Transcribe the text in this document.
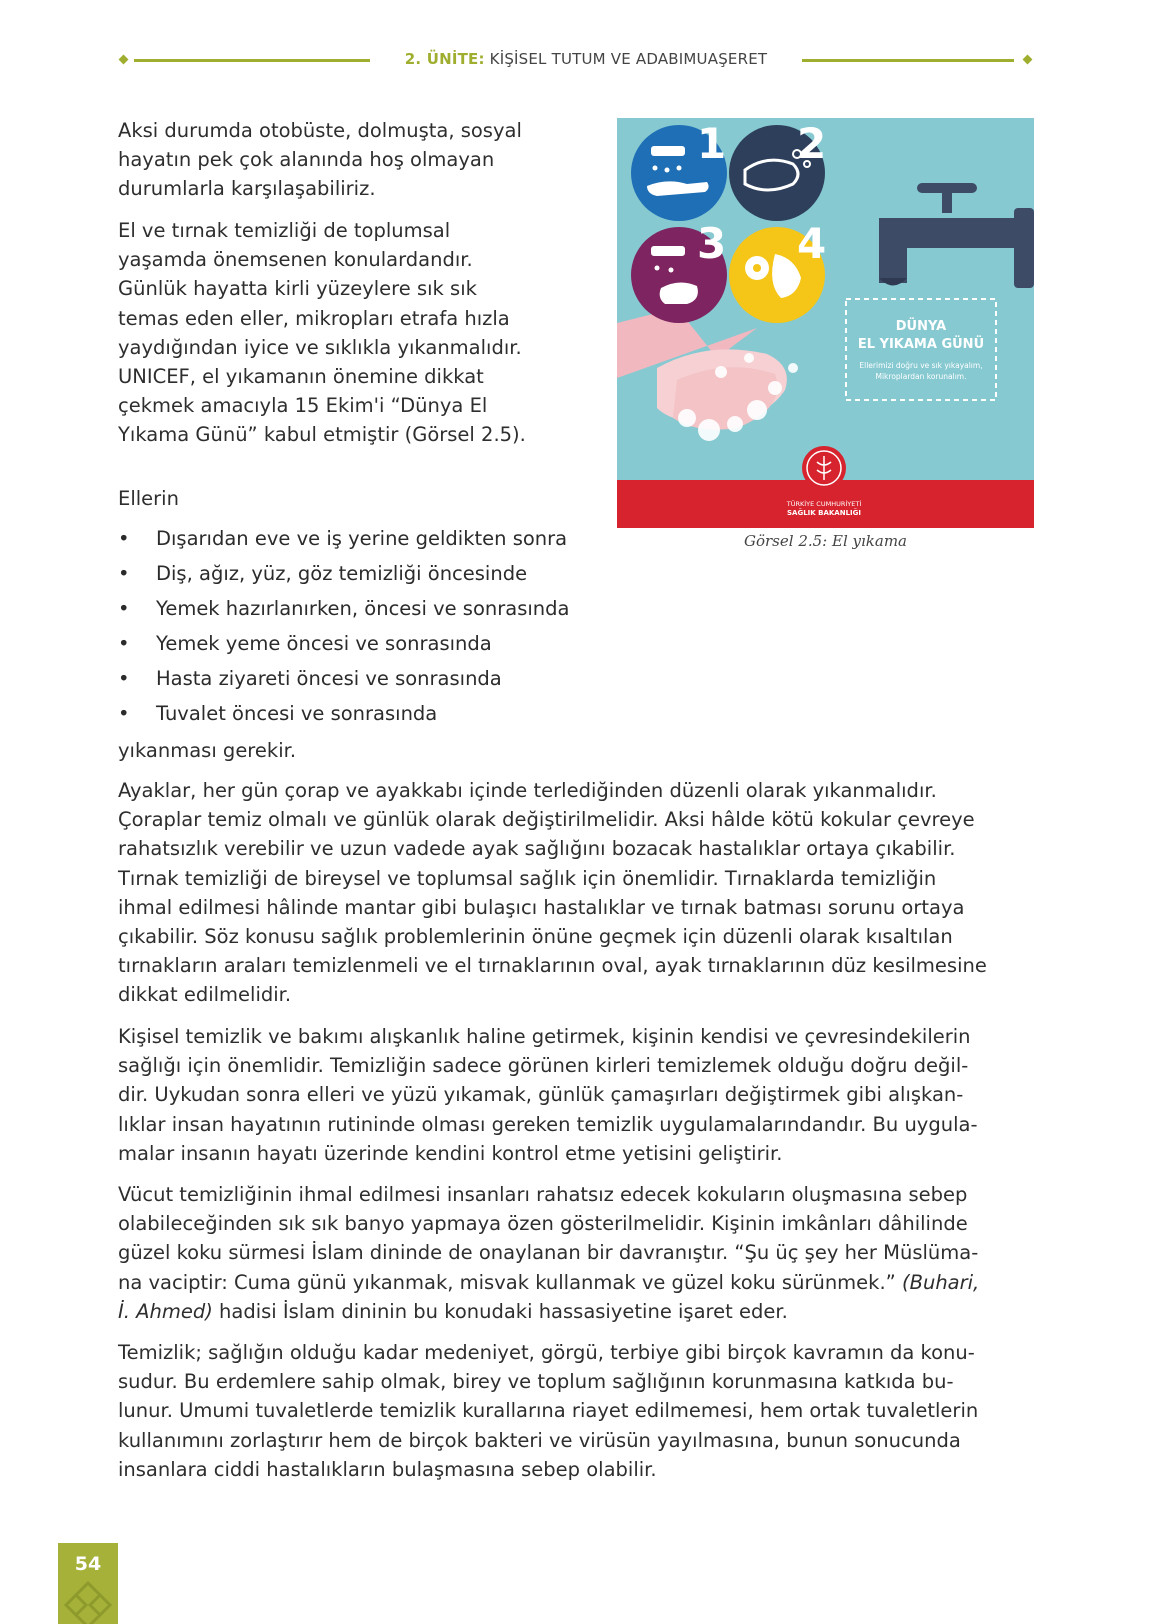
2. ÜNİTE: KİŞİSEL TUTUM VE ADABIMUAŞERET
Aksi durumda otobüste, dolmuşta, sosyal
hayatın pek çok alanında hoş olmayan
durumlarla karşılaşabiliriz.
El ve tırnak temizliği de toplumsal
yaşamda önemsenen konulardandır.
Günlük hayatta kirli yüzeylere sık sık
temas eden eller, mikropları etrafa hızla
yaydığından iyice ve sıklıkla yıkanmalıdır.
UNICEF, el yıkamanın önemine dikkat
çekmek amacıyla 15 Ekim'i “Dünya El
Yıkama Günü” kabul etmiştir (Görsel 2.5).
Ellerin
• Dışarıdan eve ve iş yerine geldikten sonra
• Diş, ağız, yüz, göz temizliği öncesinde
• Yemek hazırlanırken, öncesi ve sonrasında
• Yemek yeme öncesi ve sonrasında
• Hasta ziyareti öncesi ve sonrasında
• Tuvalet öncesi ve sonrasında
yıkanması gerekir.
Ayaklar, her gün çorap ve ayakkabı içinde terlediğinden düzenli olarak yıkanmalıdır.
Çoraplar temiz olmalı ve günlük olarak değiştirilmelidir. Aksi hâlde kötü kokular çevreye
rahatsızlık verebilir ve uzun vadede ayak sağlığını bozacak hastalıklar ortaya çıkabilir.
Tırnak temizliği de bireysel ve toplumsal sağlık için önemlidir. Tırnaklarda temizliğin
ihmal edilmesi hâlinde mantar gibi bulaşıcı hastalıklar ve tırnak batması sorunu ortaya
çıkabilir. Söz konusu sağlık problemlerinin önüne geçmek için düzenli olarak kısaltılan
tırnakların araları temizlenmeli ve el tırnaklarının oval, ayak tırnaklarının düz kesilmesine
dikkat edilmelidir.
Kişisel temizlik ve bakımı alışkanlık haline getirmek, kişinin kendisi ve çevresindekilerin
sağlığı için önemlidir. Temizliğin sadece görünen kirleri temizlemek olduğu doğru değil-
dir. Uykudan sonra elleri ve yüzü yıkamak, günlük çamaşırları değiştirmek gibi alışkan-
lıklar insan hayatının rutininde olması gereken temizlik uygulamalarındandır. Bu uygula-
malar insanın hayatı üzerinde kendini kontrol etme yetisini geliştirir.
Vücut temizliğinin ihmal edilmesi insanları rahatsız edecek kokuların oluşmasına sebep
olabileceğinden sık sık banyo yapmaya özen gösterilmelidir. Kişinin imkânları dâhilinde
güzel koku sürmesi İslam dininde de onaylanan bir davranıştır. “Şu üç şey her Müslüma-
na vaciptir: Cuma günü yıkanmak, misvak kullanmak ve güzel koku sürünmek.” (Buhari,
İ. Ahmed) hadisi İslam dininin bu konudaki hassasiyetine işaret eder.
Temizlik; sağlığın olduğu kadar medeniyet, görgü, terbiye gibi birçok kavramın da konu-
sudur. Bu erdemlere sahip olmak, birey ve toplum sağlığının korunmasına katkıda bu-
lunur. Umumi tuvaletlerde temizlik kurallarına riayet edilmemesi, hem ortak tuvaletlerin
kullanımını zorlaştırır hem de birçok bakteri ve virüsün yayılmasına, bunun sonucunda
insanlara ciddi hastalıkların bulaşmasına sebep olabilir.
1 2
3 4
DÜNYA
EL YIKAMA GÜNÜ
Ellerimizi doğru ve sık yıkayalım,
Mikroplardan korunalım.
TÜRKİYE CUMHURİYETİ
SAĞLIK BAKANLIĞI
Görsel 2.5: El yıkama
54
